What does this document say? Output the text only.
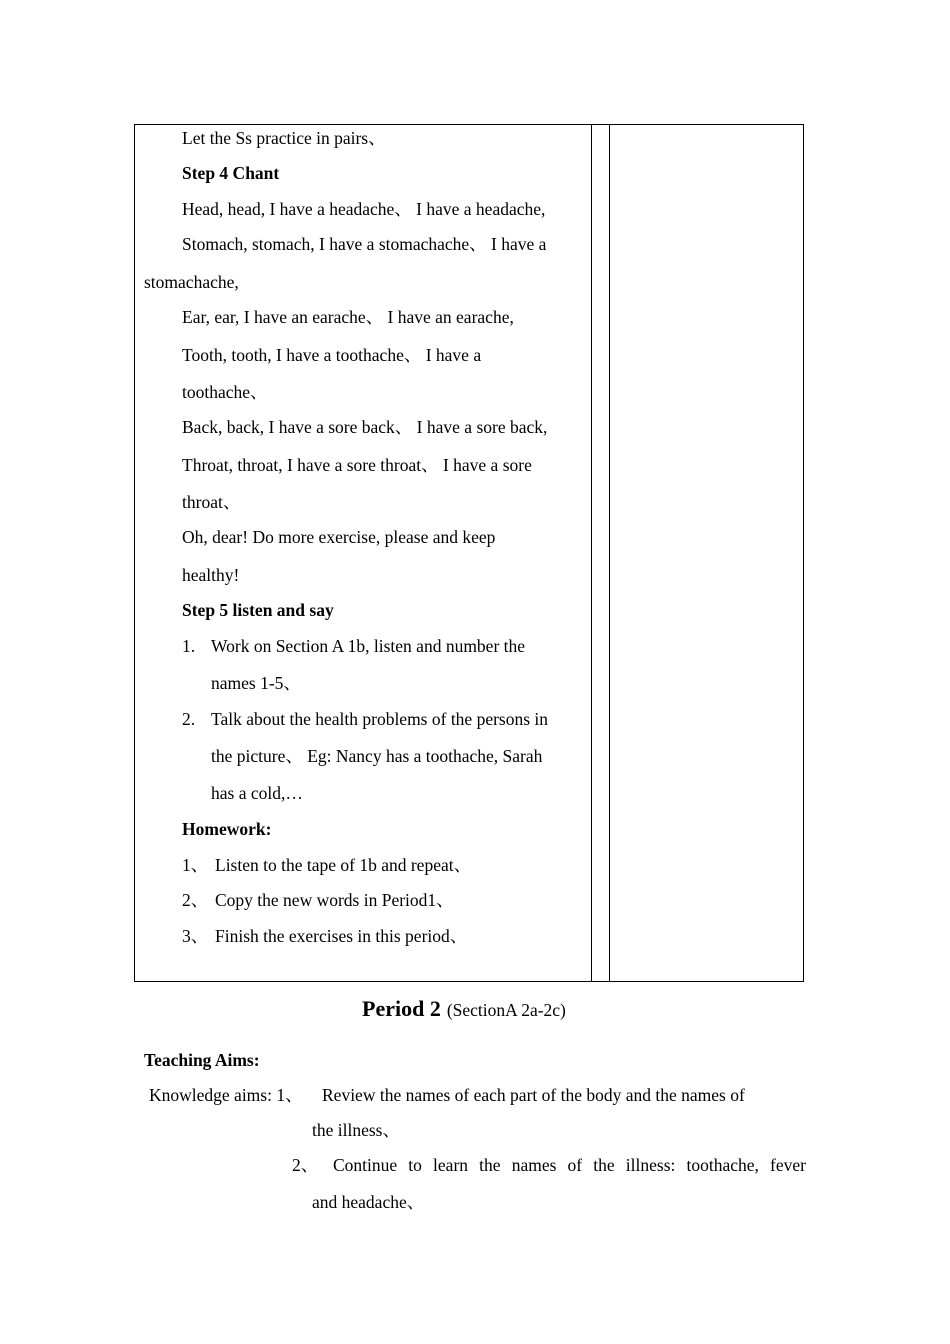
Let the Ss practice in pairs、
Step 4 Chant
Head, head, I have a headache、 I have a headache,
Stomach, stomach, I have a stomachache、 I have a
stomachache,
Ear, ear, I have an earache、 I have an earache,
Tooth, tooth, I have a toothache、 I have a
toothache、
Back, back, I have a sore back、 I have a sore back,
Throat, throat, I have a sore throat、 I have a sore
throat、
Oh, dear! Do more exercise, please and keep
healthy!
Step 5 listen and say
1. Work on Section A 1b, listen and number the
names 1-5、
2. Talk about the health problems of the persons in
the picture、 Eg: Nancy has a toothache, Sarah
has a cold,…
Homework:
1、 Listen to the tape of 1b and repeat、
2、 Copy the new words in Period1、
3、 Finish the exercises in this period、
Period 2 (SectionA 2a-2c)
Teaching Aims:
Knowledge aims: 1、 Review the names of each part of the body and the names of
the illness、
2、 Continue to learn the names of the illness: toothache, fever
and headache、
